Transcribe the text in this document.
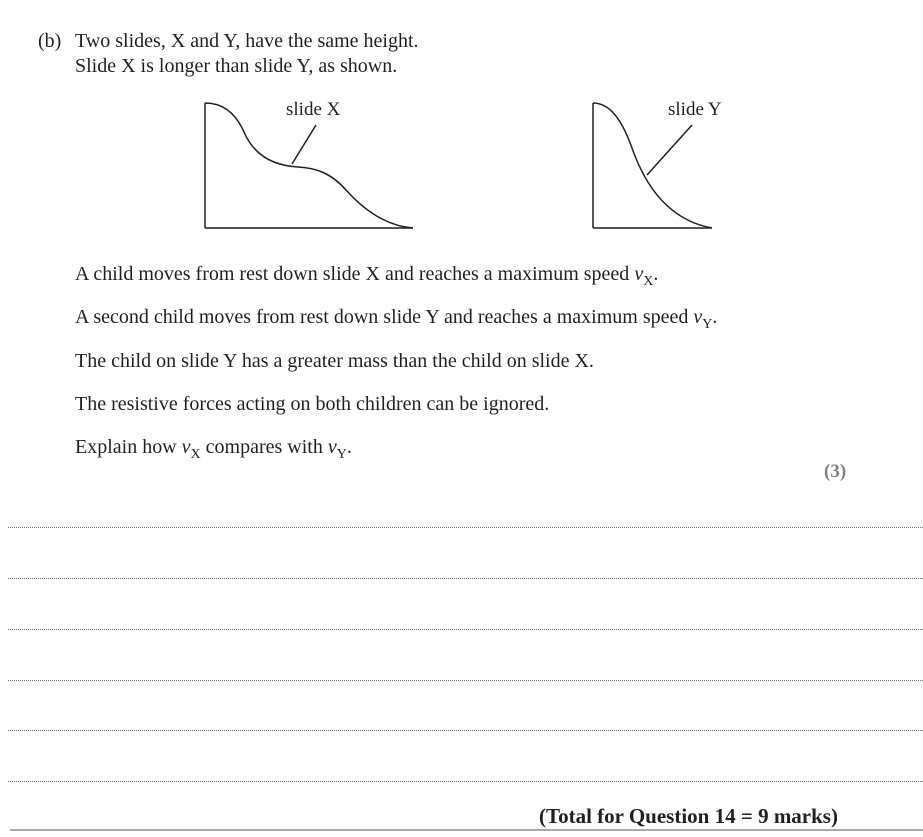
(b) Two slides, X and Y, have the same height.
Slide X is longer than slide Y, as shown.
slide X	slide Y
A child moves from rest down slide X and reaches a maximum speed $v_X$.
A second child moves from rest down slide Y and reaches a maximum speed $v_Y$.
The child on slide Y has a greater mass than the child on slide X.
The resistive forces acting on both children can be ignored.
Explain how $v_X$ compares with $v_Y$.
(3)
(Total for Question 14 = 9 marks)
